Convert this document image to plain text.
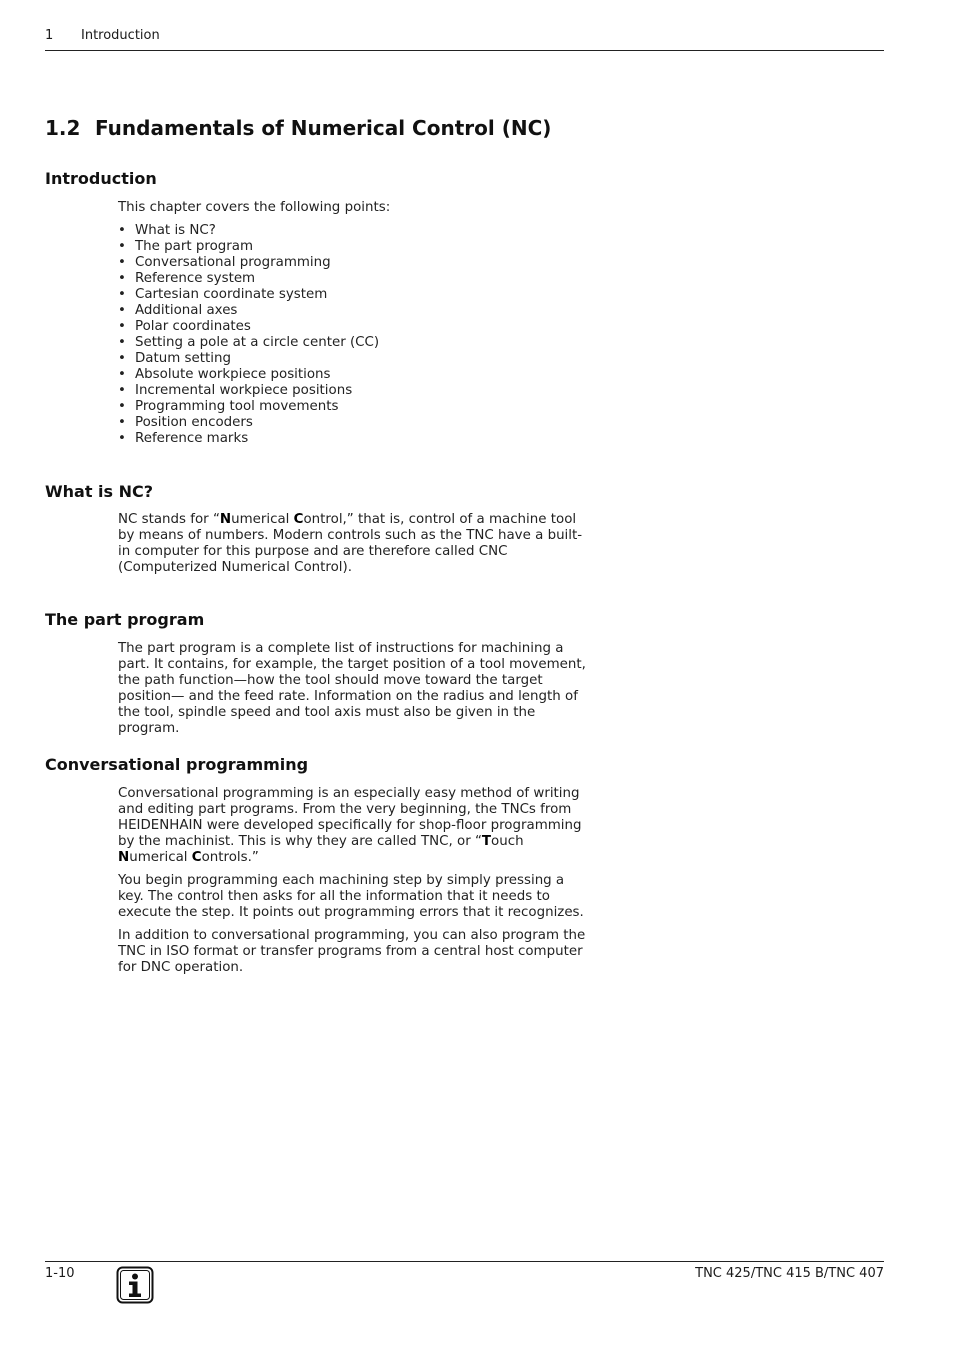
1 Introduction
1.2 Fundamentals of Numerical Control (NC)
Introduction

This chapter covers the following points:

• What is NC?
• The part program
• Conversational programming
• Reference system
• Cartesian coordinate system
• Additional axes
• Polar coordinates
• Setting a pole at a circle center (CC)
• Datum setting
• Absolute workpiece positions
• Incremental workpiece positions
• Programming tool movements
• Position encoders
• Reference marks
What is NC?

NC stands for “Numerical Control,” that is, control of a machine tool by means of numbers. Modern controls such as the TNC have a built-in computer for this purpose and are therefore called CNC (Computerized Numerical Control).

The part program

The part program is a complete list of instructions for machining a part. It contains, for example, the target position of a tool movement, the path function—how the tool should move toward the target position— and the feed rate. Information on the radius and length of the tool, spindle speed and tool axis must also be given in the program.

Conversational programming

Conversational programming is an especially easy method of writing and editing part programs. From the very beginning, the TNCs from HEIDENHAIN were developed specifically for shop-floor programming by the machinist. This is why they are called TNC, or “Touch Numerical Controls.”

You begin programming each machining step by simply pressing a key. The control then asks for all the information that it needs to execute the step. It points out programming errors that it recognizes.

In addition to conversational programming, you can also program the TNC in ISO format or transfer programs from a central host computer for DNC operation.

1-10	TNC 425/TNC 415 B/TNC 407
